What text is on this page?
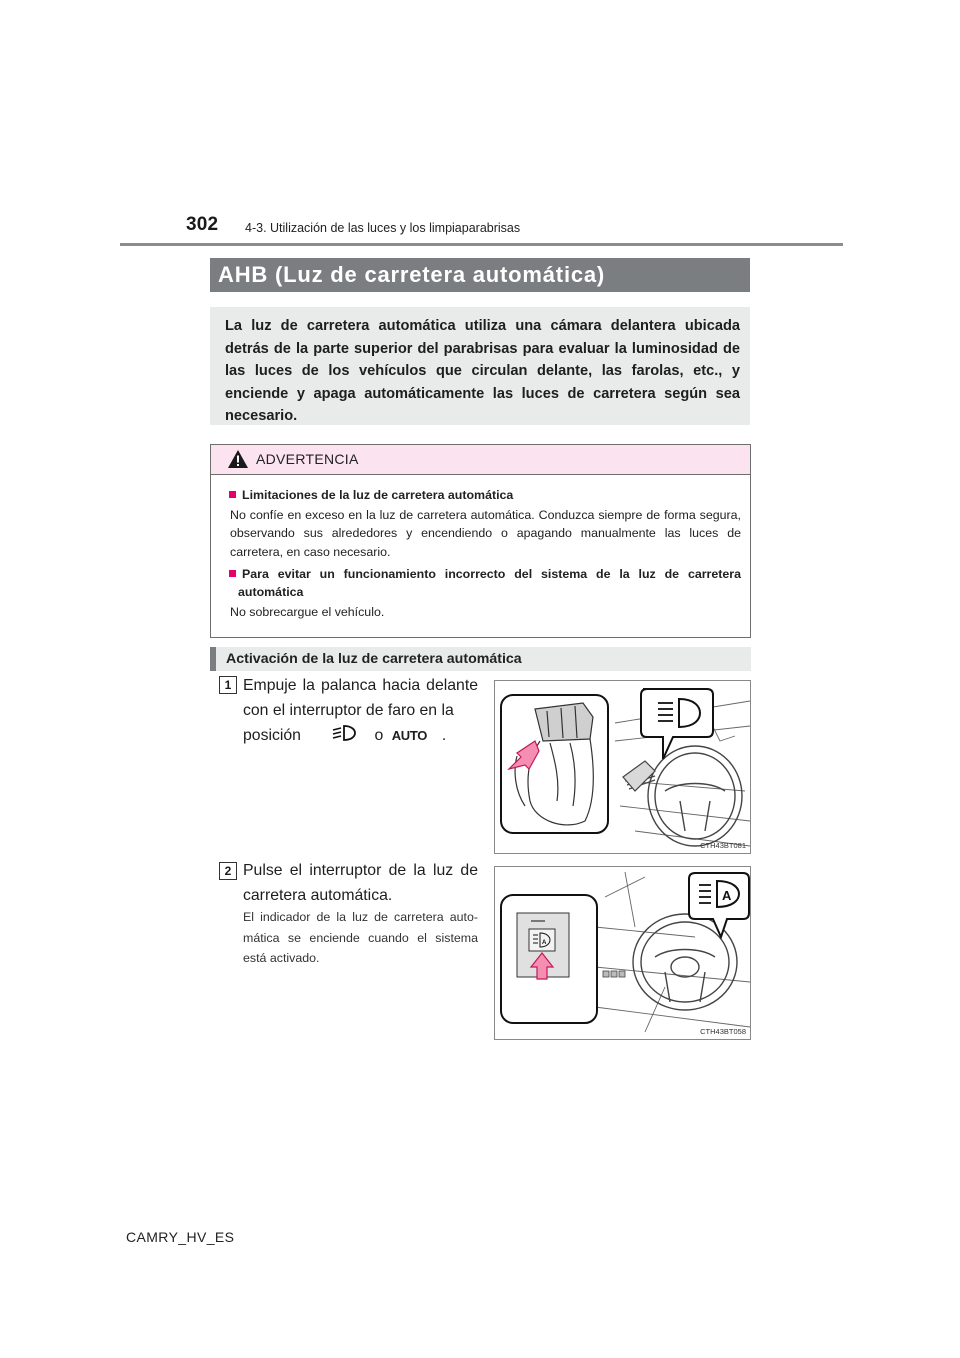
302 4-3. Utilización de las luces y los limpiaparabrisas
AHB (Luz de carretera automática)
La luz de carretera automática utiliza una cámara delantera ubicada detrás de la parte superior del parabrisas para evaluar la luminosidad de las luces de los vehículos que circulan delante, las farolas, etc., y enciende y apaga automáticamente las luces de carretera según sea necesario.
ADVERTENCIA
Limitaciones de la luz de carretera automática
No confíe en exceso en la luz de carretera automática. Conduzca siempre de forma segura, observando sus alrededores y encendiendo o apagando manualmente las luces de carretera, en caso necesario.
Para evitar un funcionamiento incorrecto del sistema de la luz de carretera automática
No sobrecargue el vehículo.
Activación de la luz de carretera automática
1 Empuje la palanca hacia delante con el interruptor de faro en la
posición	o AUTO .
CTH43BT081
2 Pulse el interruptor de la luz de carretera automática.
El indicador de la luz de carretera auto-mática se enciende cuando el sistema está activado.
A
A
CTH43BT058
CAMRY_HV_ES
